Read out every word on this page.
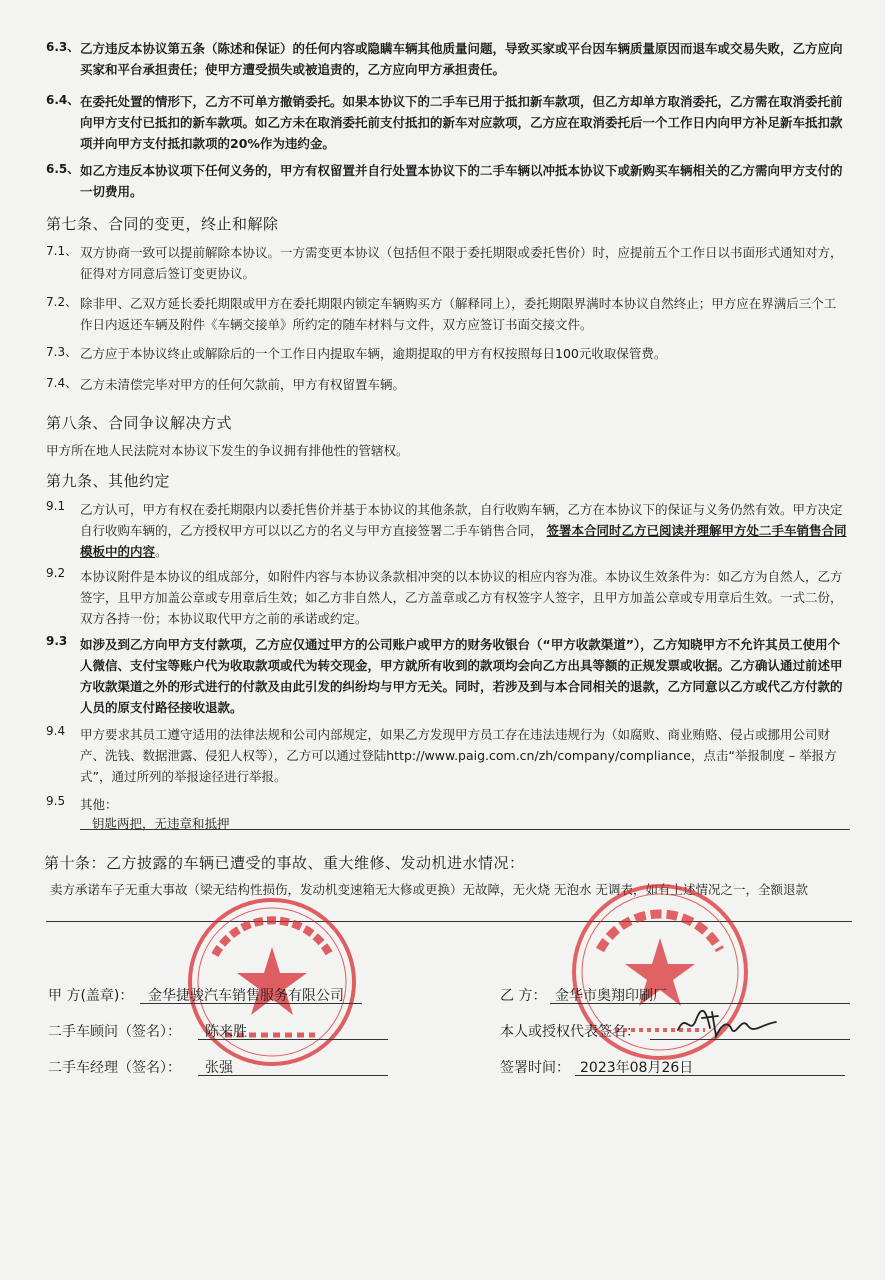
6.3、 乙方违反本协议第五条（陈述和保证）的任何内容或隐瞒车辆其他质量问题，导致买家或平台因车辆质量原因而退车或交易失败，乙方应向买家和平台承担责任；使甲方遭受损失或被追责的，乙方应向甲方承担责任。
6.4、 在委托处置的情形下，乙方不可单方撤销委托。如果本协议下的二手车已用于抵扣新车款项，但乙方却单方取消委托，乙方需在取消委托前向甲方支付已抵扣的新车款项。如乙方未在取消委托前支付抵扣的新车对应款项，乙方应在取消委托后一个工作日内向甲方补足新车抵扣款项并向甲方支付抵扣款项的20%作为违约金。
6.5、 如乙方违反本协议项下任何义务的，甲方有权留置并自行处置本协议下的二手车辆以冲抵本协议下或新购买车辆相关的乙方需向甲方支付的一切费用。
第七条、合同的变更，终止和解除
7.1、 双方协商一致可以提前解除本协议。一方需变更本协议（包括但不限于委托期限或委托售价）时，应提前五个工作日以书面形式通知对方，征得对方同意后签订变更协议。
7.2、 除非甲、乙双方延长委托期限或甲方在委托期限内锁定车辆购买方（解释同上），委托期限界满时本协议自然终止；甲方应在界满后三个工作日内返还车辆及附件《车辆交接单》所约定的随车材料与文件，双方应签订书面交接文件。
7.3、 乙方应于本协议终止或解除后的一个工作日内提取车辆，逾期提取的甲方有权按照每日100元收取保管费。
7.4、 乙方未清偿完毕对甲方的任何欠款前，甲方有权留置车辆。
第八条、合同争议解决方式
甲方所在地人民法院对本协议下发生的争议拥有排他性的管辖权。
第九条、其他约定
9.1 乙方认可，甲方有权在委托期限内以委托售价并基于本协议的其他条款，自行收购车辆，乙方在本协议下的保证与义务仍然有效。甲方决定自行收购车辆的，乙方授权甲方可以以乙方的名义与甲方直接签署二手车销售合同， 签署本合同时乙方已阅读并理解甲方处二手车销售合同模板中的内容。
9.2 本协议附件是本协议的组成部分，如附件内容与本协议条款相冲突的以本协议的相应内容为准。本协议生效条件为：如乙方为自然人，乙方签字，且甲方加盖公章或专用章后生效；如乙方非自然人，乙方盖章或乙方有权签字人签字，且甲方加盖公章或专用章后生效。一式二份，双方各持一份；本协议取代甲方之前的承诺或约定。
9.3 如涉及到乙方向甲方支付款项，乙方应仅通过甲方的公司账户或甲方的财务收银台（“甲方收款渠道”），乙方知晓甲方不允许其员工使用个人微信、支付宝等账户代为收取款项或代为转交现金，甲方就所有收到的款项均会向乙方出具等额的正规发票或收据。乙方确认通过前述甲方收款渠道之外的形式进行的付款及由此引发的纠纷均与甲方无关。同时，若涉及到与本合同相关的退款，乙方同意以乙方或代乙方付款的人员的原支付路径接收退款。
9.4 甲方要求其员工遵守适用的法律法规和公司内部规定，如果乙方发现甲方员工存在违法违规行为（如腐败、商业贿赂、侵占或挪用公司财产、洗钱、数据泄露、侵犯人权等），乙方可以通过登陆http://www.paig.com.cn/zh/company/compliance，点击“举报制度 – 举报方式”，通过所列的举报途径进行举报。
9.5 其他：
钥匙两把，无违章和抵押
第十条：乙方披露的车辆已遭受的事故、重大维修、发动机进水情况：
卖方承诺车子无重大事故（梁无结构性损伤，发动机变速箱无大修或更换）无故障，无火烧 无泡水 无调表，如有上述情况之一，全额退款
甲 方(盖章)： 金华捷骏汽车销售服务有限公司
二手车顾问（签名）： 陈来胜
二手车经理（签名）： 张强
乙 方： 金华市奥翔印刷厂
本人或授权代表签名：
签署时间： 2023年08月26日
